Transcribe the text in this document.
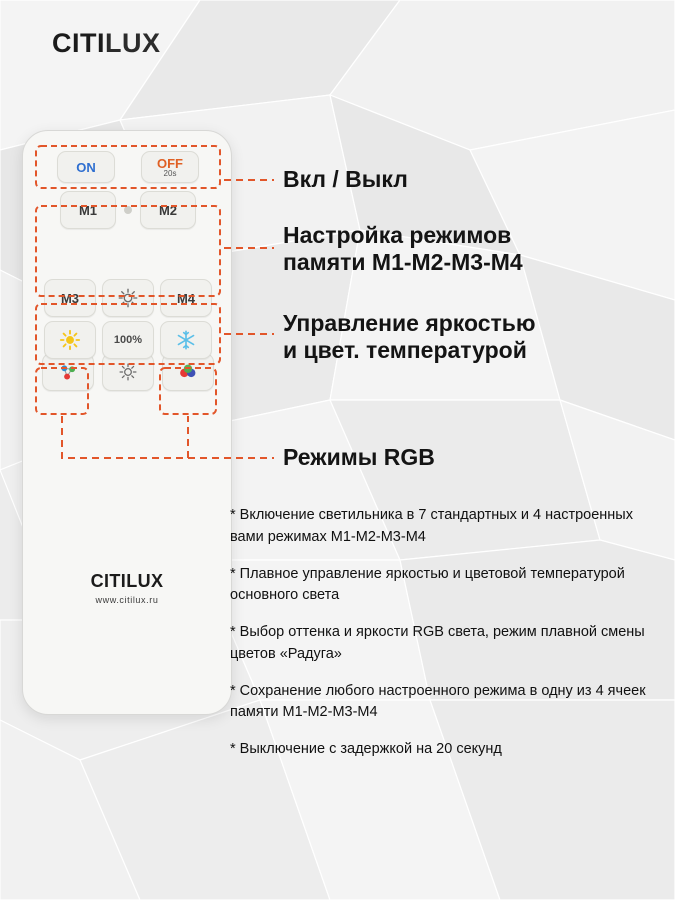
CITILUX
ON	OFF
20s
M1	M2
M3	M4
100%
CITILUX
www.citilux.ru
Вкл / Выкл
Настройка режимов
памяти M1-M2-M3-M4
Управление яркостью
и цвет. температурой
Режимы RGB
* Включение светильника в 7 стандартных и 4 настроенных вами режимах M1-M2-M3-M4
* Плавное управление яркостью и цветовой температурой основного света
* Выбор оттенка и яркости RGB света, режим плавной смены цветов «Радуга»
* Сохранение любого настроенного режима в одну из 4 ячеек памяти M1-M2-M3-M4
* Выключение с задержкой на 20 секунд
